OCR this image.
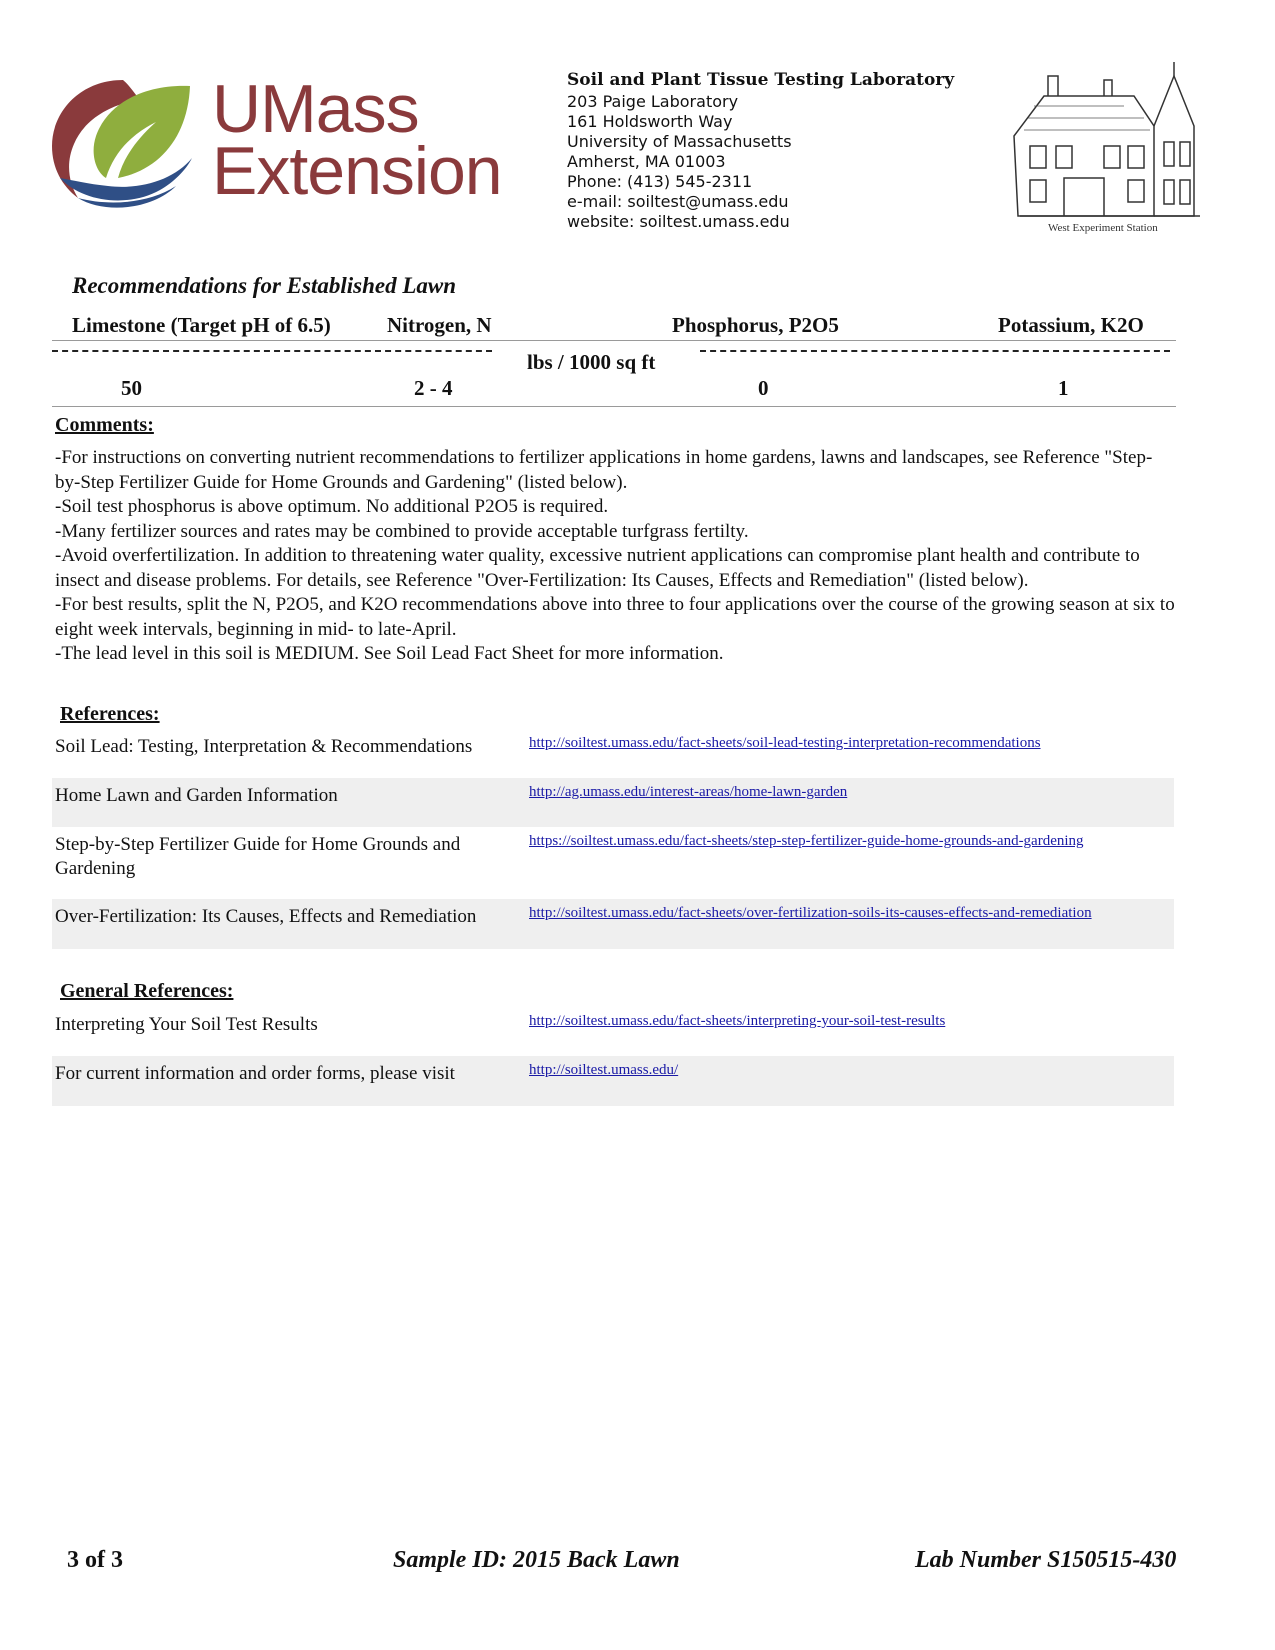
UMass
Extension
Soil and Plant Tissue Testing Laboratory
203 Paige Laboratory
161 Holdsworth Way
University of Massachusetts
Amherst, MA 01003
Phone: (413) 545-2311
e-mail: soiltest@umass.edu
website: soiltest.umass.edu	West Experiment Station
Recommendations for Established Lawn
Limestone (Target pH of 6.5)	Nitrogen, N	Phosphorus, P2O5	Potassium, K2O
lbs / 1000 sq ft
50	2 - 4	0	1
Comments:

-For instructions on converting nutrient recommendations to fertilizer applications in home gardens, lawns and landscapes, see Reference "Step-by-Step Fertilizer Guide for Home Grounds and Gardening" (listed below).

-Soil test phosphorus is above optimum. No additional P2O5 is required.

-Many fertilizer sources and rates may be combined to provide acceptable turfgrass fertilty.

-Avoid overfertilization. In addition to threatening water quality, excessive nutrient applications can compromise plant health and contribute to insect and disease problems. For details, see Reference "Over-Fertilization: Its Causes, Effects and Remediation" (listed below).

-For best results, split the N, P2O5, and K2O recommendations above into three to four applications over the course of the growing season at six to eight week intervals, beginning in mid- to late-April.

-The lead level in this soil is MEDIUM. See Soil Lead Fact Sheet for more information.

References:
Soil Lead: Testing, Interpretation & Recommendations	http://soiltest.umass.edu/fact-sheets/soil-lead-testing-interpretation-recommendations
Home Lawn and Garden Information	http://ag.umass.edu/interest-areas/home-lawn-garden
Step-by-Step Fertilizer Guide for Home Grounds and Gardening
https://soiltest.umass.edu/fact-sheets/step-step-fertilizer-guide-home-grounds-and-gardening
Over-Fertilization: Its Causes, Effects and Remediation	http://soiltest.umass.edu/fact-sheets/over-fertilization-soils-its-causes-effects-and-remediation
General References:
Interpreting Your Soil Test Results	http://soiltest.umass.edu/fact-sheets/interpreting-your-soil-test-results
For current information and order forms, please visit	http://soiltest.umass.edu/
3 of 3	Sample ID: 2015 Back Lawn	Lab Number S150515-430
